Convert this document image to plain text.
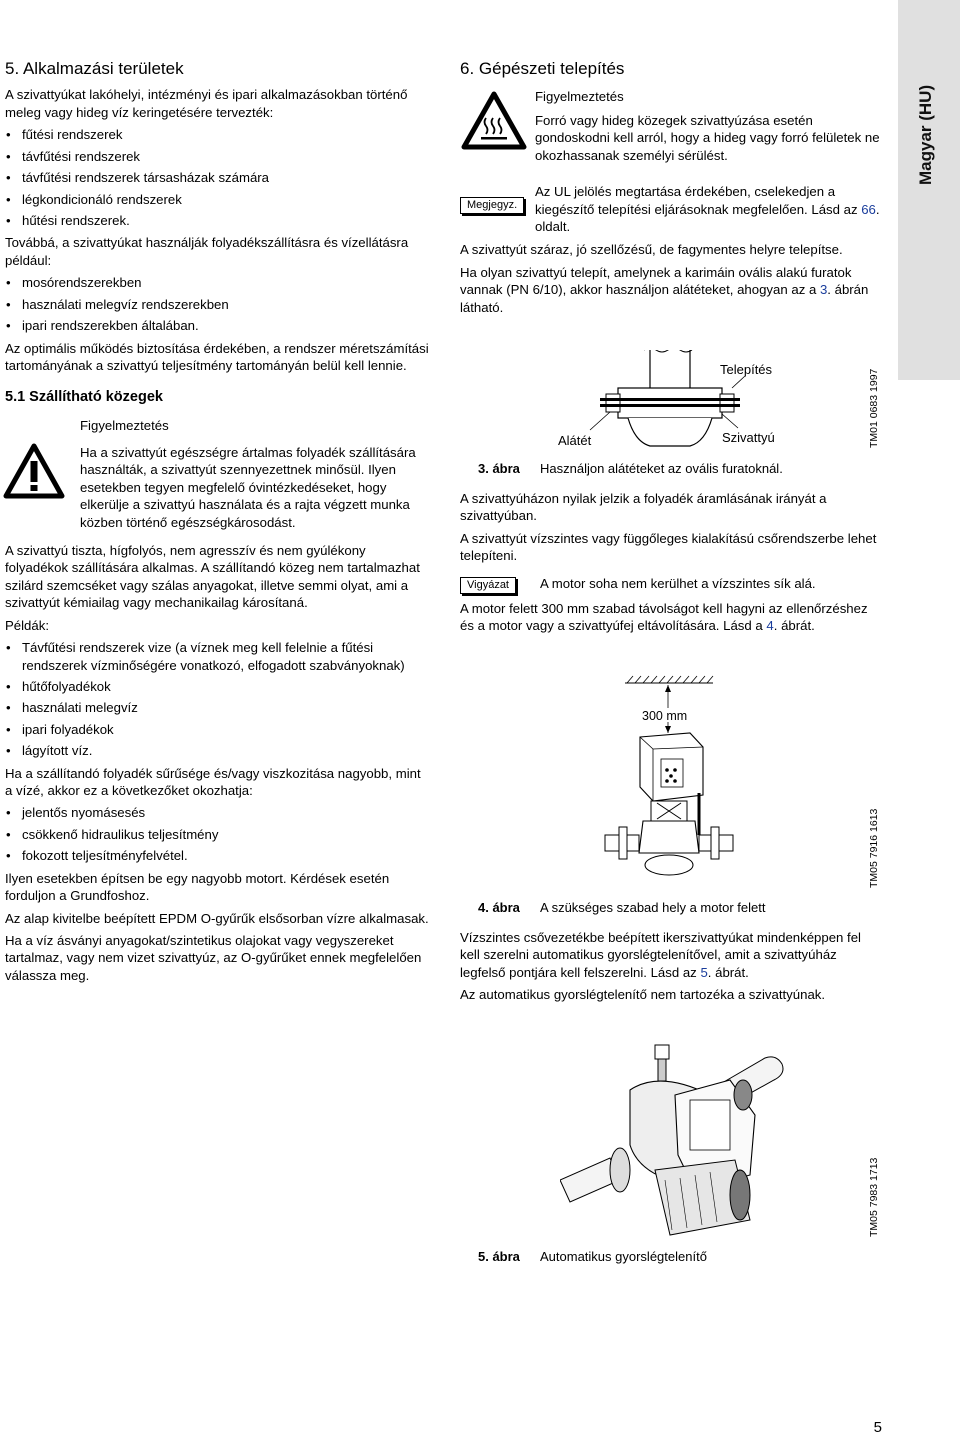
Magyar (HU)
5. Alkalmazási területek

A szivattyúkat lakóhelyi, intézményi és ipari alkalmazásokban történő meleg vagy hideg víz keringetésére tervezték:

• fűtési rendszerek
• távfűtési rendszerek
• távfűtési rendszerek társasházak számára
• légkondicionáló rendszerek
• hűtési rendszerek.

Továbbá, a szivattyúkat használják folyadékszállításra és vízellátásra például:

• mosórendszerekben
• használati melegvíz rendszerekben
• ipari rendszerekben általában.

Az optimális működés biztosítása érdekében, a rendszer méretszámítási tartományának a szivattyú teljesítmény tartományán belül kell lennie.

5.1 Szállítható közegek

Figyelmeztetés

Ha a szivattyút egészségre ártalmas folyadék szállítására használták, a szivattyút szennyezettnek minősül. Ilyen esetekben tegyen megfelelő óvintézkedéseket, hogy elkerülje a szivattyú használata és a rajta végzett munka közben történő egészségkárosodást.

A szivattyú tiszta, hígfolyós, nem agresszív és nem gyúlékony folyadékok szállítására alkalmas. A szállítandó közeg nem tartalmazhat szilárd szemcséket vagy szálas anyagokat, illetve semmi olyat, ami a szivattyút kémiailag vagy mechanikailag károsítaná.

Példák:

• Távfűtési rendszerek vize (a víznek meg kell felelnie a fűtési rendszerek vízminőségére vonatkozó, elfogadott szabványoknak)
• hűtőfolyadékok
• használati melegvíz
• ipari folyadékok
• lágyított víz.

Ha a szállítandó folyadék sűrűsége és/vagy viszkozitása nagyobb, mint a vízé, akkor ez a következőket okozhatja:

• jelentős nyomásesés
• csökkenő hidraulikus teljesítmény
• fokozott teljesítményfelvétel.

Ilyen esetekben építsen be egy nagyobb motort. Kérdések esetén forduljon a Grundfoshoz.

Az alap kivitelbe beépített EPDM O-gyűrűk elsősorban vízre alkalmasak.

Ha a víz ásványi anyagokat/szintetikus olajokat vagy vegyszereket tartalmaz, vagy nem vizet szivattyúz, az O-gyűrűket ennek megfelelően válassza meg.

6. Gépészeti telepítés

Figyelmeztetés

Forró vagy hideg közegek szivattyúzása esetén gondoskodni kell arról, hogy a hideg vagy forró felületek ne okozhassanak személyi sérülést.

Megjegyz.
Az UL jelölés megtartása érdekében, cselekedjen a kiegészítő telepítési eljárásoknak megfelelően. Lásd az 66. oldalt.

A szivattyút száraz, jó szellőzésű, de fagymentes helyre telepítse.

Ha olyan szivattyú telepít, amelynek a karimáin ovális alakú furatok vannak (PN 6/10), akkor használjon alátéteket, ahogyan az a 3. ábrán látható.

Telepítés
Alátét	Szivattyú	TM01 0683 1997
3. ábra	Használjon alátéteket az ovális furatoknál.

A szivattyúházon nyilak jelzik a folyadék áramlásának irányát a szivattyúban.

A szivattyút vízszintes vagy függőleges kialakítású csőrendszerbe lehet telepíteni.

Vigyázat	A motor soha nem kerülhet a vízszintes sík alá.

A motor felett 300 mm szabad távolságot kell hagyni az ellenőrzéshez és a motor vagy a szivattyúfej eltávolítására. Lásd a 4. ábrát.

300 mm
TM05 7916 1613
4. ábra	A szükséges szabad hely a motor felett

Vízszintes csővezetékbe beépített ikerszivattyúkat mindenképpen fel kell szerelni automatikus gyorslégtelenítővel, amit a szivattyúház legfelső pontjára kell felszerelni. Lásd az 5. ábrát.

Az automatikus gyorslégtelenítő nem tartozéka a szivattyúnak.

TM05 7983 1713
5. ábra	Automatikus gyorslégtelenítő
5
